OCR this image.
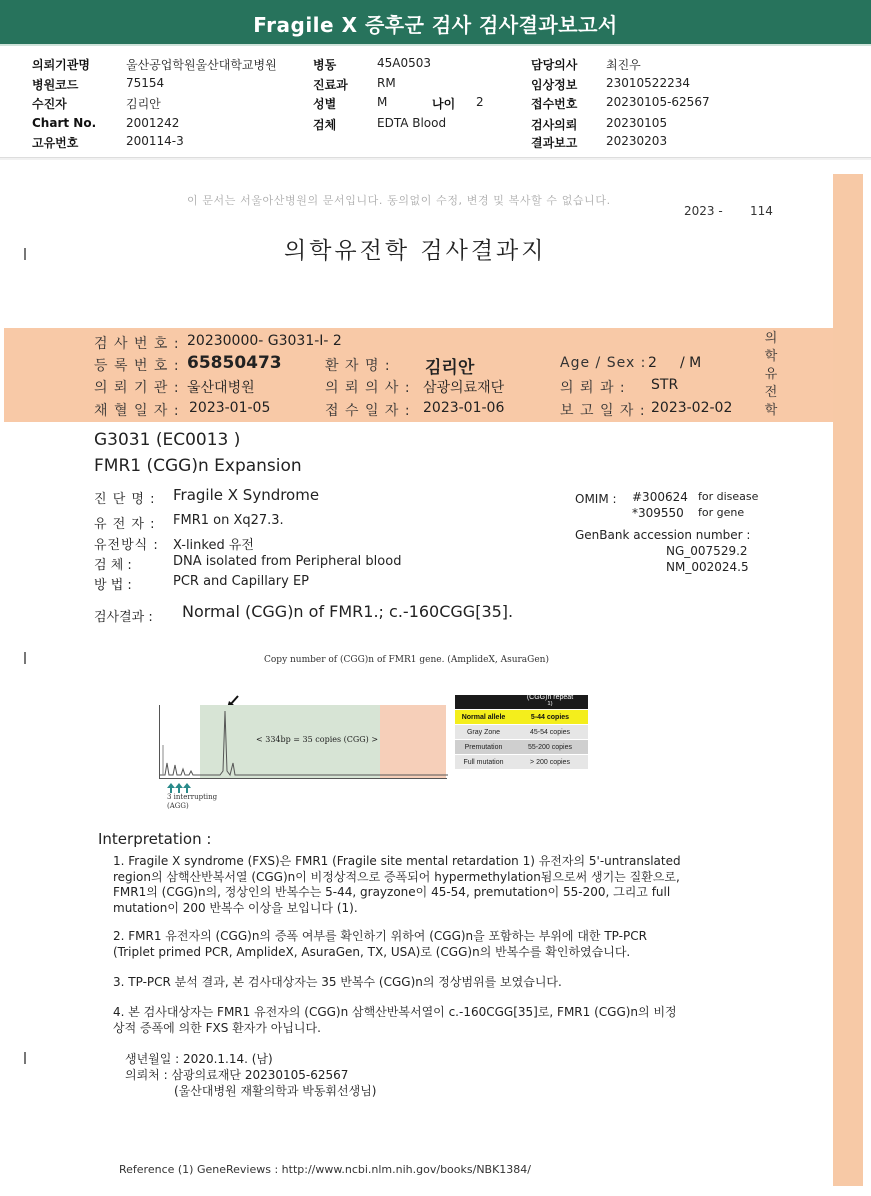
Fragile X 증후군 검사 검사결과보고서
의뢰기관명	울산공업학원울산대학교병원	병동	45A0503	담당의사 최진우
병원코드	75154	진료과 RM	임상정보 23010522234
수진자	김리안	성별	M	나이 2	접수번호 20230105-62567
Chart No. 2001242	검체	EDTA Blood	검사의뢰 20230105
고유번호	200114-3	결과보고 20230203
이 문서는 서울아산병원의 문서입니다. 동의없이 수정, 변경 및 복사할 수 없습니다.
2023 - 114
의학유전학 검사결과지
검 사 번 호 : 20230000- G3031-I- 2
등 록 번 호 : 65850473	환 자 명 : 김리안	Age / Sex : 2 / M
의 뢰 기 관 : 울산대병원	의 뢰 의 사 : 삼광의료재단	의 뢰 과 : STR
채 혈 일 자 : 2023-01-05	접 수 일 자 : 2023-01-06	보 고 일 자 : 2023-02-02
의
학
유
전
학
G3031 (EC0013 )
FMR1 (CGG)n Expansion
진 단 명 : Fragile X Syndrome
유 전 자 : FMR1 on Xq27.3.
유전방식 : X-linked 유전
검 체 :	DNA isolated from Peripheral blood
방 법 :	PCR and Capillary EP
OMIM : #300624 for disease
*309550 for gene
GenBank accession number :
NG_007529.2
NM_002024.5
검사결과 : Normal (CGG)n of FMR1.; c.-160CGG[35].
Copy number of (CGG)n of FMR1 gene. (AmplideX, AsuraGen)
< 334bp = 35 copies (CGG) >
3 interrupting
(AGG)
(CGG)n repeat
$^{1)}$
Normal allele	5-44 copies
Gray Zone	45-54 copies
Premutation	55-200 copies
Full mutation	> 200 copies
Interpretation :
1. Fragile X syndrome (FXS)은 FMR1 (Fragile site mental retardation 1) 유전자의 5'-untranslated
region의 삼핵산반복서열 (CGG)n이 비정상적으로 증폭되어 hypermethylation됨으로써 생기는 질환으로,
FMR1의 (CGG)n의, 정상인의 반복수는 5-44, grayzone이 45-54, premutation이 55-200, 그리고 full
mutation이 200 반복수 이상을 보입니다 (1).
2. FMR1 유전자의 (CGG)n의 증폭 여부를 확인하기 위하여 (CGG)n을 포함하는 부위에 대한 TP-PCR
(Triplet primed PCR, AmplideX, AsuraGen, TX, USA)로 (CGG)n의 반복수를 확인하였습니다.
3. TP-PCR 분석 결과, 본 검사대상자는 35 반복수 (CGG)n의 정상범위를 보였습니다.
4. 본 검사대상자는 FMR1 유전자의 (CGG)n 삼핵산반복서열이 c.-160CGG[35]로, FMR1 (CGG)n의 비정
상적 증폭에 의한 FXS 환자가 아닙니다.
생년월일 : 2020.1.14. (남)
의뢰처 : 삼광의료재단 20230105-62567
(울산대병원 재활의학과 박동휘선생님)
Reference (1) GeneReviews : http://www.ncbi.nlm.nih.gov/books/NBK1384/
